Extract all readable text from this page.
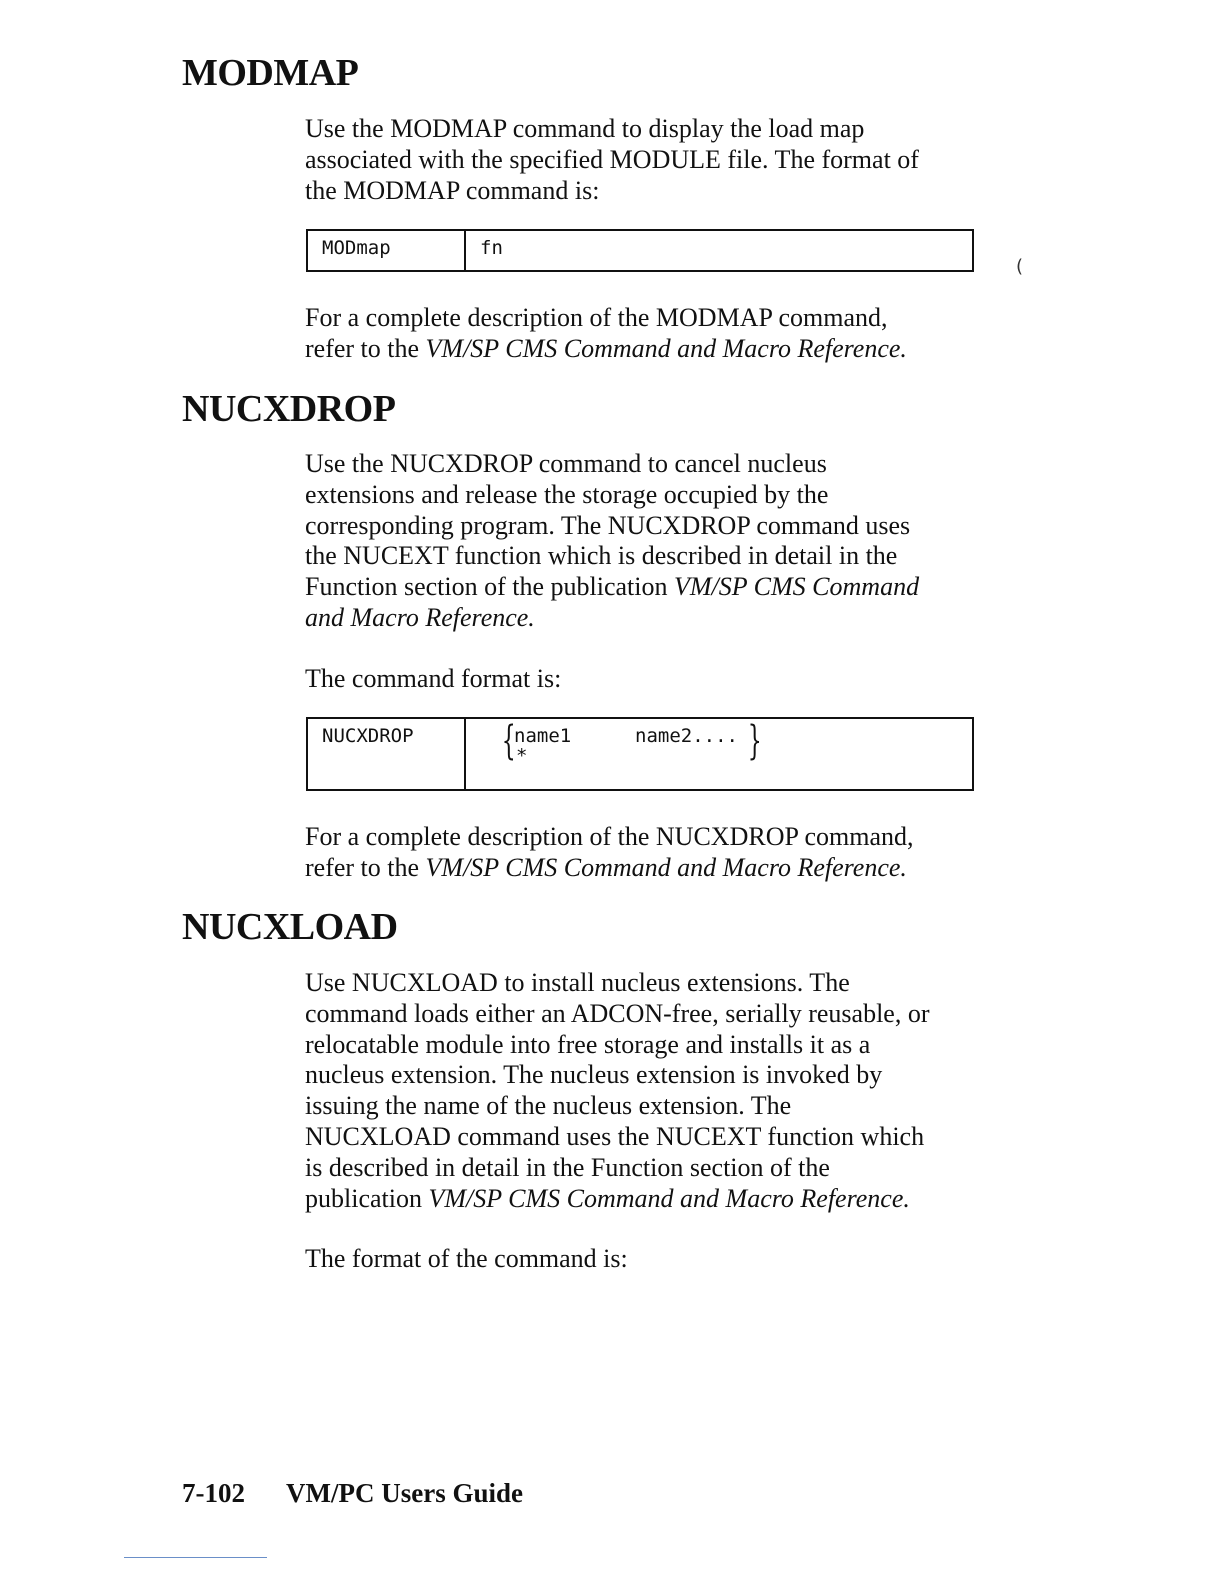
MODMAP

Use the MODMAP command to display the load map
associated with the specified MODULE file. The format of
the MODMAP command is:

MODmap	fn
(

For a complete description of the MODMAP command,
refer to the VM/SP CMS Command and Macro Reference.

NUCXDROP

Use the NUCXDROP command to cancel nucleus
extensions and release the storage occupied by the
corresponding program. The NUCXDROP command uses
the NUCEXT function which is described in detail in the
Function section of the publication VM/SP CMS Command
and Macro Reference.

The command format is:

NUCXDROP {
name1
*
name2.... }

For a complete description of the NUCXDROP command,
refer to the VM/SP CMS Command and Macro Reference.

NUCXLOAD

Use NUCXLOAD to install nucleus extensions. The
command loads either an ADCON-free, serially reusable, or
relocatable module into free storage and installs it as a
nucleus extension. The nucleus extension is invoked by
issuing the name of the nucleus extension. The
NUCXLOAD command uses the NUCEXT function which
is described in detail in the Function section of the
publication VM/SP CMS Command and Macro Reference.

The format of the command is:

7-102 VM/PC Users Guide
